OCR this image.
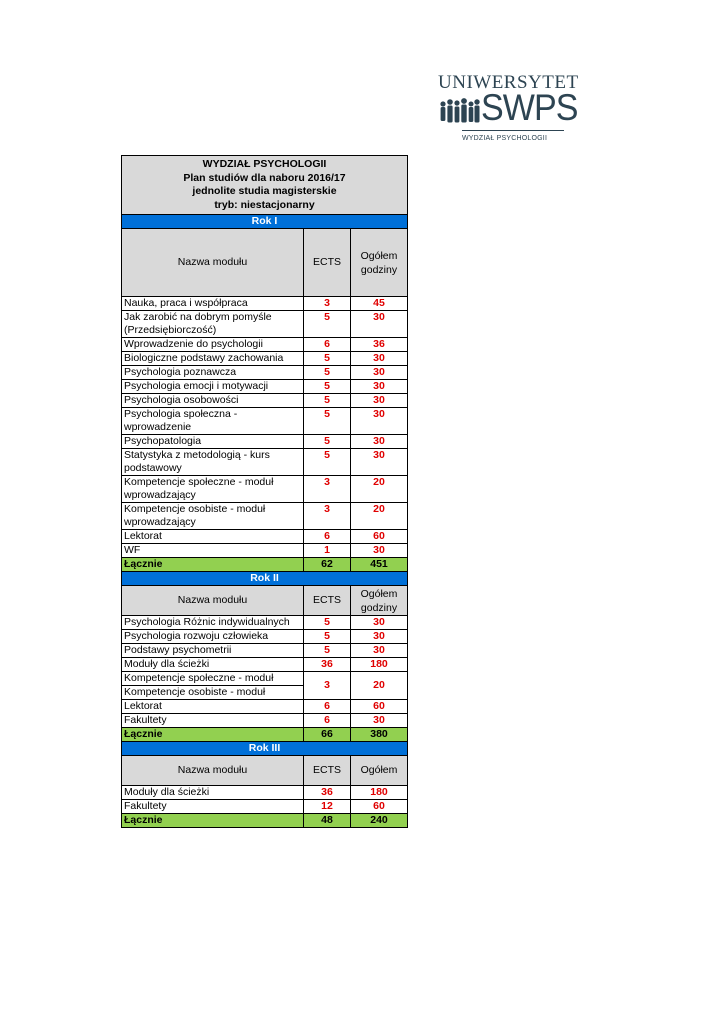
UNIWERSYTET
SWPS
WYDZIAŁ PSYCHOLOGII
WYDZIAŁ PSYCHOLOGII
Plan studiów dla naboru 2016/17
jednolite studia magisterskie
tryb: niestacjonarny		

Rok I		
Nazwa modułu	ECTS	Ogółem godziny
Nauka, praca i współpraca	3	45
Jak zarobić na dobrym pomyśle (Przedsiębiorczość)	5	30
Wprowadzenie do psychologii	6	36
Biologiczne podstawy zachowania	5	30
Psychologia poznawcza	5	30
Psychologia emocji i motywacji	5	30
Psychologia osobowości	5	30
Psychologia społeczna - wprowadzenie	5	30
Psychopatologia	5	30
Statystyka z metodologią - kurs podstawowy	5	30
Kompetencje społeczne - moduł wprowadzający	3	20
Kompetencje osobiste - moduł wprowadzający	3	20
Lektorat	6	60
WF	1	30
Łącznie	62	451
Rok II		
Nazwa modułu	ECTS	Ogółem godziny
Psychologia Różnic indywidualnych	5	30
Psychologia rozwoju człowieka	5	30
Podstawy psychometrii	5	30
Moduły dla ścieżki	36	180
Kompetencje społeczne - moduł	3	20
Kompetencje osobiste - moduł		
Lektorat	6	60
Fakultety	6	30
Łącznie	66	380
Rok III		
Nazwa modułu	ECTS	Ogółem
Moduły dla ścieżki	36	180
Fakultety	12	60
Łącznie	48	240
